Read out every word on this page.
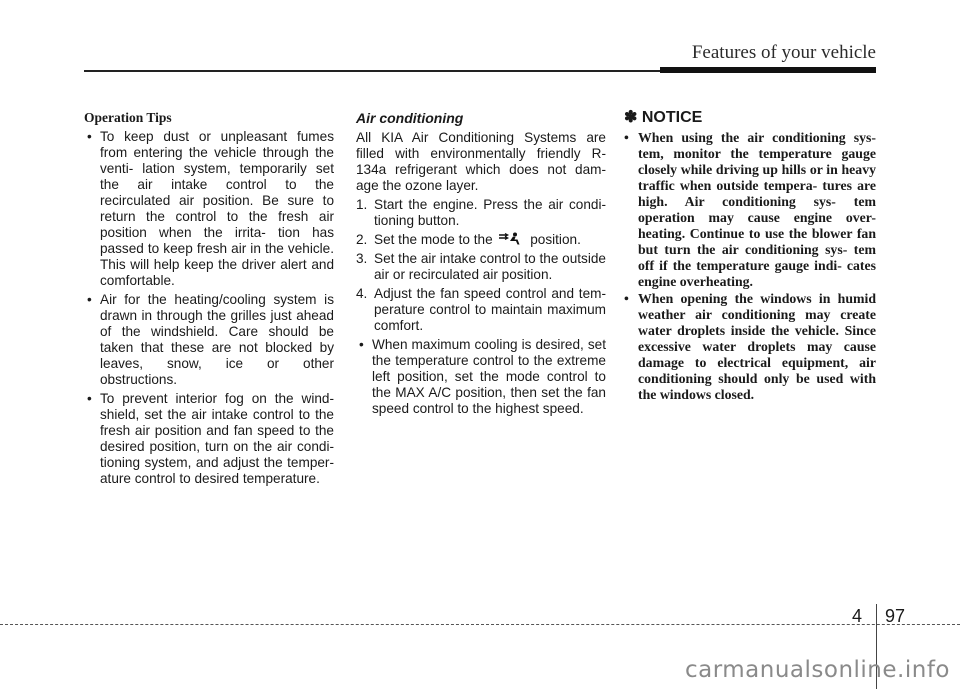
Features of your vehicle
Operation Tips
• To keep dust or unpleasant fumes from entering the vehicle through the venti- lation system, temporarily set the air intake control to the recirculated air position. Be sure to return the control to the fresh air position when the irrita- tion has passed to keep fresh air in the vehicle. This will help keep the driver alert and comfortable.
• Air for the heating/cooling system is drawn in through the grilles just ahead of the windshield. Care should be taken that these are not blocked by leaves, snow, ice or other obstructions.
• To prevent interior fog on the wind- shield, set the air intake control to the fresh air position and fan speed to the desired position, turn on the air condi- tioning system, and adjust the temper- ature control to desired temperature.
Air conditioning

All KIA Air Conditioning Systems are filled with environmentally friendly R-134a refrigerant which does not dam- age the ozone layer.

1. Start the engine. Press the air condi- tioning button.
2. Set the mode to the	position.
3. Set the air intake control to the outside air or recirculated air position.
4. Adjust the fan speed control and tem- perature control to maintain maximum comfort.
• When maximum cooling is desired, set the temperature control to the extreme left position, set the mode control to the MAX A/C position, then set the fan speed control to the highest speed.
✽ NOTICE
• When using the air conditioning sys- tem, monitor the temperature gauge closely while driving up hills or in heavy traffic when outside tempera- tures are high. Air conditioning sys- tem operation may cause engine over- heating. Continue to use the blower fan but turn the air conditioning sys- tem off if the temperature gauge indi- cates engine overheating.
• When opening the windows in humid weather air conditioning may create water droplets inside the vehicle. Since excessive water droplets may cause damage to electrical equipment, air conditioning should only be used with the windows closed.
4 97
carmanualsonline.info
